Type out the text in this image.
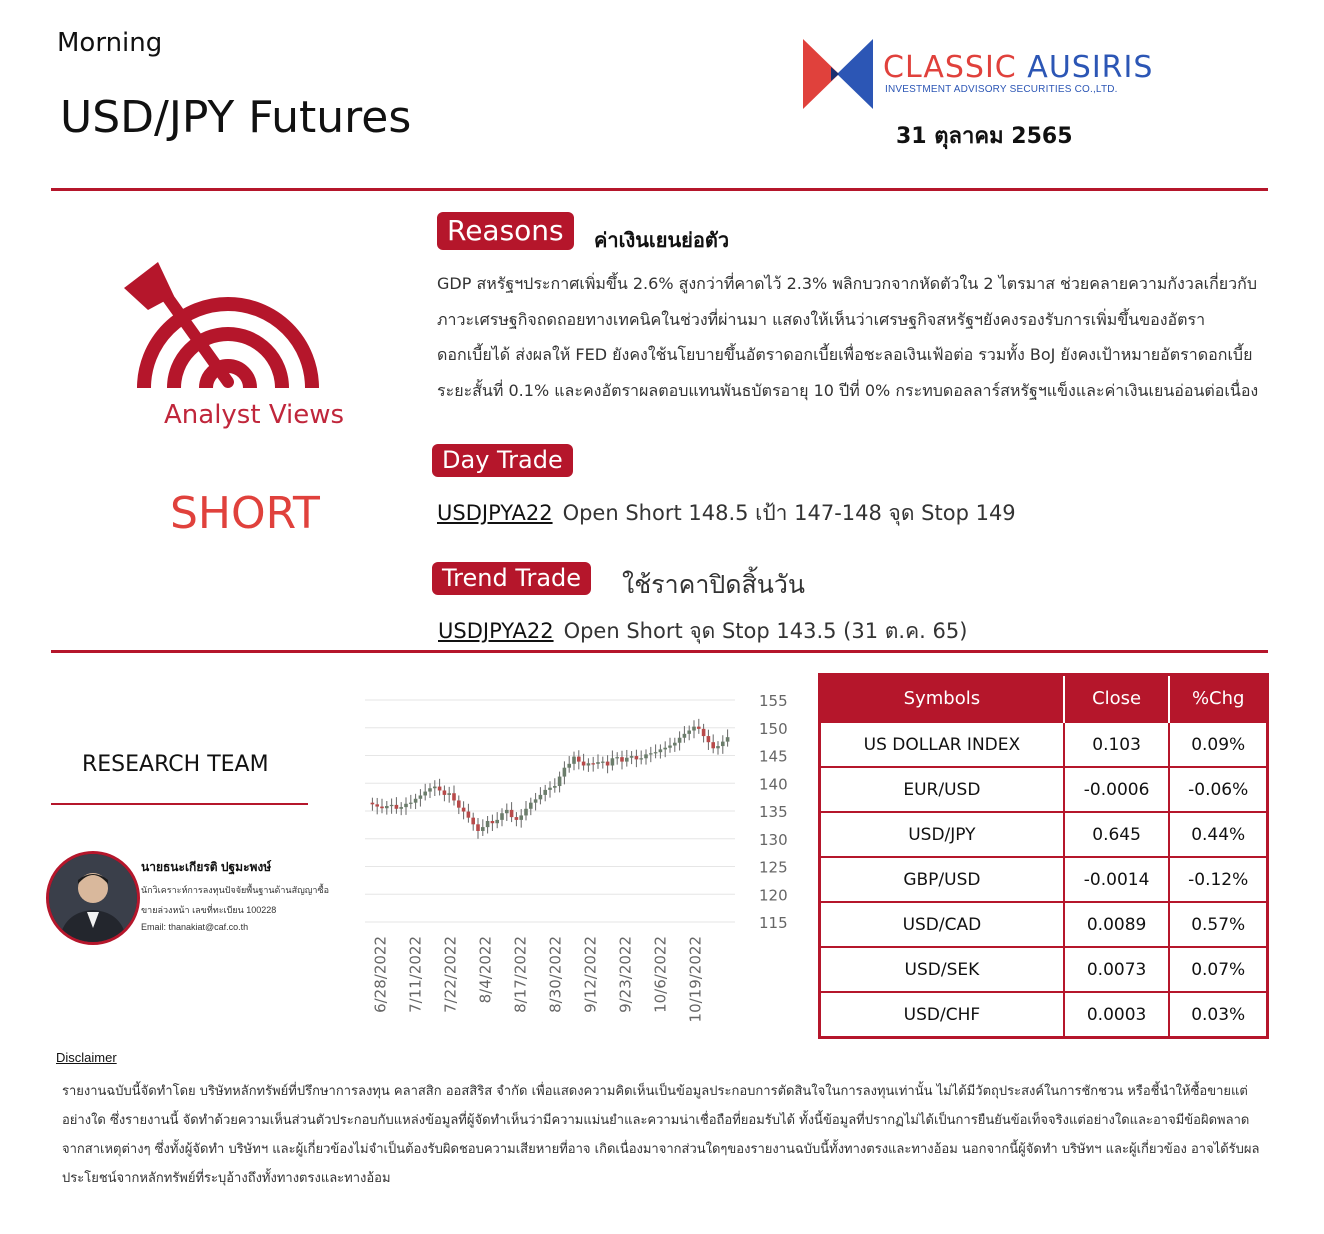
Morning
USD/JPY Futures
CLASSIC AUSIRIS
INVESTMENT ADVISORY SECURITIES CO.,LTD.
31 ตุลาคม 2565
Analyst Views
SHORT
Reasons	ค่าเงินเยนย่อตัว
GDP สหรัฐฯประกาศเพิ่มขึ้น 2.6% สูงกว่าที่คาดไว้ 2.3% พลิกบวกจากหัดตัวใน 2 ไตรมาส ช่วยคลายความกังวลเกี่ยวกับภาวะเศรษฐกิจถดถอยทางเทคนิคในช่วงที่ผ่านมา แสดงให้เห็นว่าเศรษฐกิจสหรัฐฯยังคงรองรับการเพิ่มขึ้นของอัตราดอกเบี้ยได้ ส่งผลให้ FED ยังคงใช้นโยบายขึ้นอัตราดอกเบี้ยเพื่อชะลอเงินเฟ้อต่อ รวมทั้ง BoJ ยังคงเป้าหมายอัตราดอกเบี้ยระยะสั้นที่ 0.1% และคงอัตราผลตอบแทนพันธบัตรอายุ 10 ปีที่ 0% กระทบดอลลาร์สหรัฐฯแข็งและค่าเงินเยนอ่อนต่อเนื่อง
Day Trade
USDJPYA22 Open Short 148.5 เป้า 147-148 จุด Stop 149
Trend Trade	ใช้ราคาปิดสิ้นวัน
USDJPYA22 Open Short จุด Stop 143.5 (31 ต.ค. 65)
RESEARCH TEAM
นายธนะเกียรติ ปฐมะพงษ์
นักวิเคราะห์การลงทุนปัจจัยพื้นฐานด้านสัญญาซื้อขายล่วงหน้า เลขที่ทะเบียน 100228
Email: thanakiat@caf.co.th
155
150
145
140
135
130
125
120
115
6/28/2022 7/11/2022 7/22/2022 8/4/2022 8/17/2022 8/30/2022 9/12/2022 9/23/2022 10/6/2022 10/19/2022
Symbols	Close	%Chg
US DOLLAR INDEX	0.103	0.09%
EUR/USD	-0.0006	-0.06%
USD/JPY	0.645	0.44%
GBP/USD	-0.0014	-0.12%
USD/CAD	0.0089	0.57%
USD/SEK	0.0073	0.07%
USD/CHF	0.0003	0.03%
Disclaimer
รายงานฉบับนี้จัดทำโดย บริษัทหลักทรัพย์ที่ปรึกษาการลงทุน คลาสสิก ออสสิริส จำกัด เพื่อแสดงความคิดเห็นเป็นข้อมูลประกอบการตัดสินใจในการลงทุนเท่านั้น ไม่ได้มีวัตถุประสงค์ในการชักชวน หรือชี้นำให้ซื้อขายแต่อย่างใด ซึ่งรายงานนี้ จัดทำด้วยความเห็นส่วนตัวประกอบกับแหล่งข้อมูลที่ผู้จัดทำเห็นว่ามีความแม่นยำและความน่าเชื่อถือที่ยอมรับได้ ทั้งนี้ข้อมูลที่ปรากฏไม่ได้เป็นการยืนยันข้อเท็จจริงแต่อย่างใดและอาจมีข้อผิดพลาดจากสาเหตุต่างๆ ซึ่งทั้งผู้จัดทำ บริษัทฯ และผู้เกี่ยวข้องไม่จำเป็นต้องรับผิดชอบความเสียหายที่อาจ เกิดเนื่องมาจากส่วนใดๆของรายงานฉบับนี้ทั้งทางตรงและทางอ้อม นอกจากนี้ผู้จัดทำ บริษัทฯ และผู้เกี่ยวข้อง อาจได้รับผลประโยชน์จากหลักทรัพย์ที่ระบุอ้างถึงทั้งทางตรงและทางอ้อม
